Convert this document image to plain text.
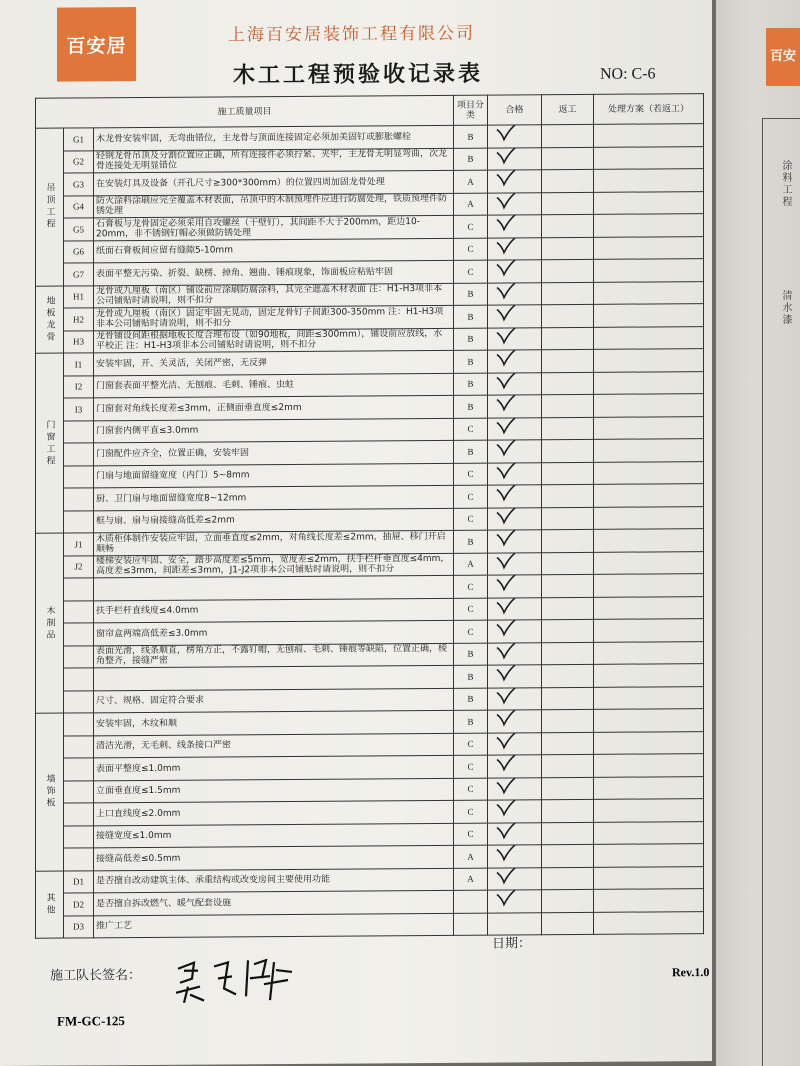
百安居
上海百安居装饰工程有限公司
木工工程预验收记录表	NO: C-6
施工质量项目			项目分类	合格	返工	处理方案（若返工）
吊顶工程	G1	木龙骨安装牢固，无弯曲错位，主龙骨与顶面连接固定必须加美固钉或膨胀螺栓	B	

	G2	轻钢龙骨吊顶及分割位置应正确，所有连接件必须拧紧、夹牢，主龙骨无明显弯曲，次龙骨连接处无明显错位	B	

	G3	在安装灯具及设备（开孔尺寸≥300*300mm）的位置四周加固龙骨处理	A	

	G4	防火涂料涂刷应完全覆盖木材表面，吊顶中的木制预埋件应进行防腐处理，铁质预埋件防锈处理	A	

	G5	石膏板与龙骨固定必须采用自攻螺丝（干壁钉），其间距不大于200mm，距边10-20mm，非不锈钢钉帽必须做防锈处理	C	

	G6	纸面石膏板间应留有缝隙5-10mm	C	

	G7	表面平整无污染、折裂、缺楞、掉角、翘曲、锤痕现象，饰面板应粘贴牢固	C	

地板龙骨	H1	龙骨或九厘板（南区）铺设前应涂刷防腐涂料，其完全遮盖木材表面 注：H1-H3项非本公司铺贴时请说明，则不扣分	B	

	H2	龙骨或九厘板（南区）固定牢固无晃动，固定龙骨钉子间距300-350mm 注：H1-H3项非本公司铺贴时请说明，则不扣分	B	

	H3	龙骨铺设间距根据地板长度合理布设（如90地板，间距≤300mm），铺设前应放线，水平校正 注：H1-H3项非本公司铺贴时请说明，则不扣分	B	

门窗工程	I1	安装牢固，开、关灵活，关闭严密，无反弹	B	

	I2	门窗套表面平整光洁、无刨痕、毛刺、锤痕、虫蛀	B	

	I3	门窗套对角线长度差≤3mm，正侧面垂直度≤2mm	B	

		门窗套内侧平直≤3.0mm	C	

		门窗配件应齐全，位置正确，安装牢固	B	

		门扇与地面留缝宽度（内门）5~8mm	C	

		厨、卫门扇与地面留缝宽度8~12mm	C	

		框与扇、扇与扇接缝高低差≤2mm	C	

木制品	J1	木质柜体制作安装应牢固，立面垂直度≤2mm，对角线长度差≤2mm，抽屉、移门开启顺畅	B	

	J2	楼梯安装应牢固、安全，踏步高度差≤5mm，宽度差≤2mm，扶手栏杆垂直度≤4mm，高度差≤3mm，间距差≤3mm，J1-J2项非本公司铺贴时请说明，则不扣分	A	

			C	

		扶手栏杆直线度≤4.0mm	C	

		窗帘盒两端高低差≤3.0mm	C	

		表面光滑，线条顺直，楞角方正，不露钉帽，无刨痕、毛刺、锤痕等缺陷，位置正确，棱角整齐，接缝严密	B	

			B	

		尺寸、规格、固定符合要求	B	

墙饰板		安装牢固，木纹和顺	B	

		清洁光滑，无毛刺、线条接口严密	C	

		表面平整度≤1.0mm	C	

		立面垂直度≤1.5mm	C	

		上口直线度≤2.0mm	C	

		接缝宽度≤1.0mm	C	

		接缝高低差≤0.5mm	A	

其他	D1	是否擅自改动建筑主体、承重结构或改变房间主要使用功能	A	

	D2	是否擅自拆改燃气、暖气配套设施		

	D3	推广工艺				
日期：
施工队长签名：	Rev.1.0
FM-GC-125
百安
涂料工程
清水漆
